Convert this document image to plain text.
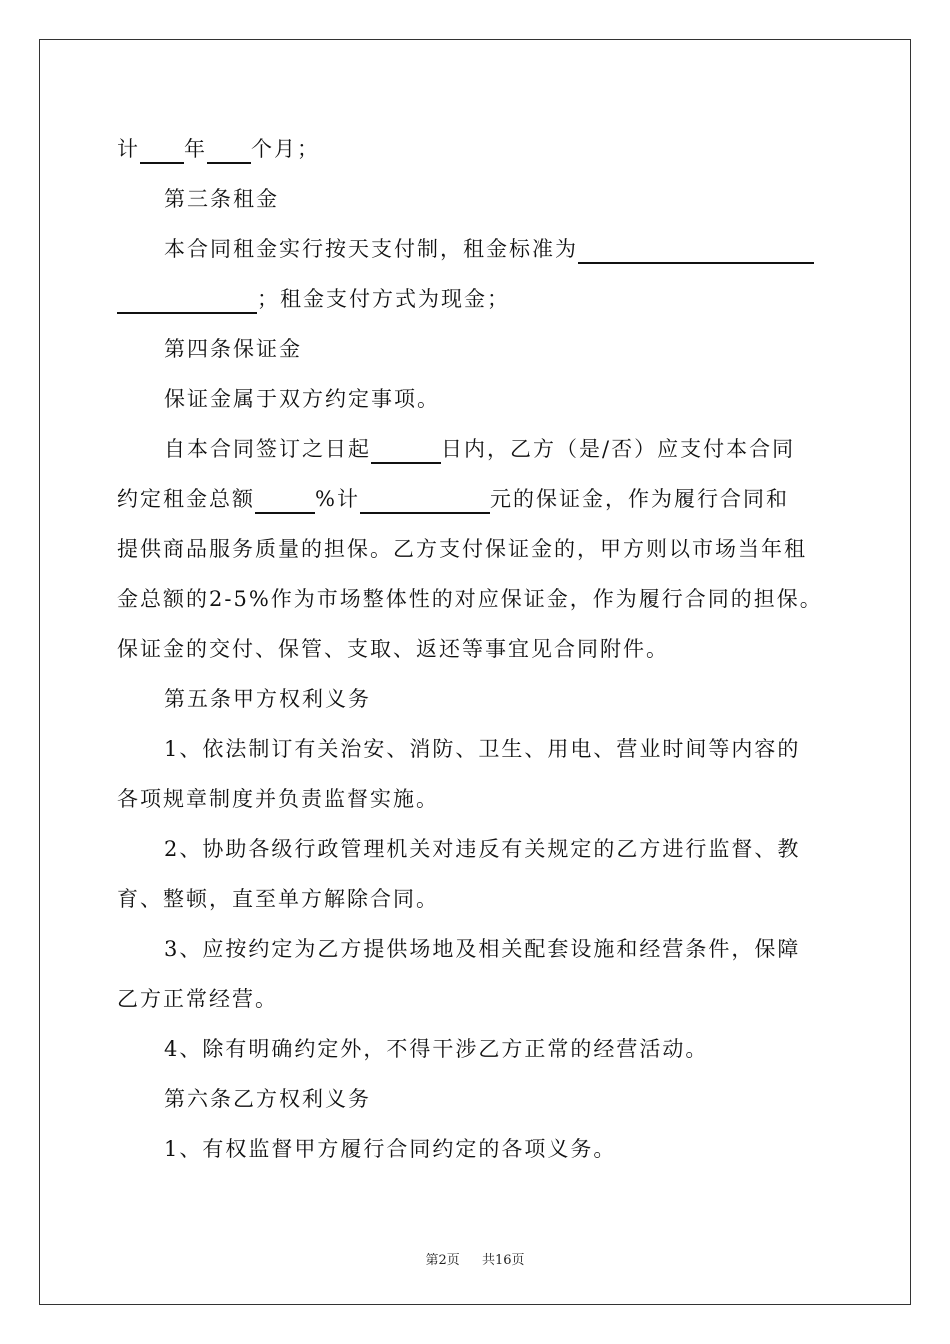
计 年 个月；
第三条租金
本合同租金实行按天支付制，租金标准为
；租金支付方式为现金；
第四条保证金
保证金属于双方约定事项。
自本合同签订之日起	日内，乙方（是/否）应支付本合同
约定租金总额	%计	元的保证金，作为履行合同和
提供商品服务质量的担保。乙方支付保证金的，甲方则以市场当年租
金总额的2-5%作为市场整体性的对应保证金，作为履行合同的担保。
保证金的交付、保管、支取、返还等事宜见合同附件。
第五条甲方权利义务
1、依法制订有关治安、消防、卫生、用电、营业时间等内容的
各项规章制度并负责监督实施。
2、协助各级行政管理机关对违反有关规定的乙方进行监督、教
育、整顿，直至单方解除合同。
3、应按约定为乙方提供场地及相关配套设施和经营条件，保障
乙方正常经营。
4、除有明确约定外，不得干涉乙方正常的经营活动。
第六条乙方权利义务
1、有权监督甲方履行合同约定的各项义务。
第2页 共16页
